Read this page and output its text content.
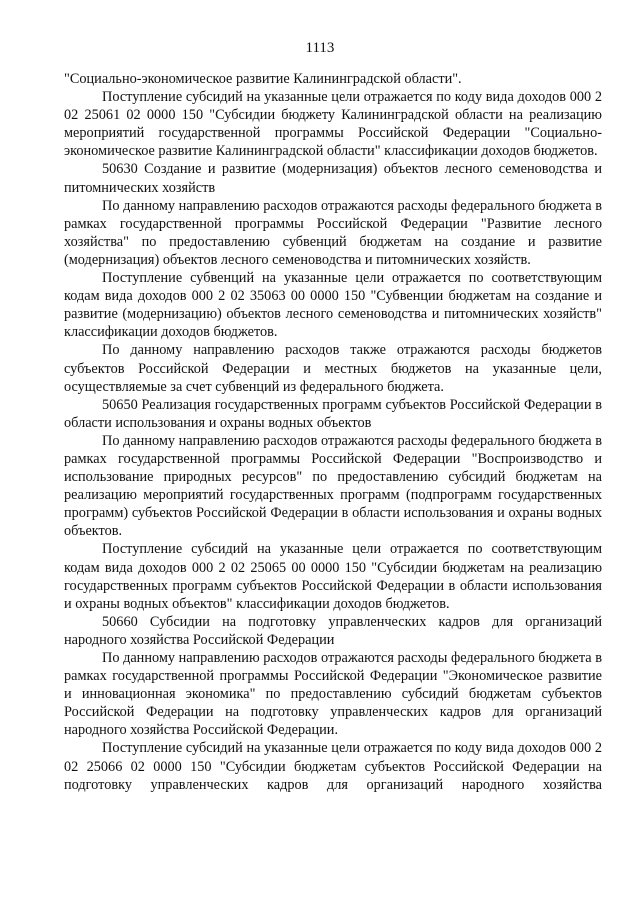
1113

"Социально-экономическое развитие Калининградской области".

Поступление субсидий на указанные цели отражается по коду вида доходов 000 2 02 25061 02 0000 150 "Субсидии бюджету Калининградской области на реализацию мероприятий государственной программы Российской Федерации "Социально-экономическое развитие Калининградской области" классификации доходов бюджетов.

50630 Создание и развитие (модернизация) объектов лесного семеноводства и питомнических хозяйств

По данному направлению расходов отражаются расходы федерального бюджета в рамках государственной программы Российской Федерации "Развитие лесного хозяйства" по предоставлению субвенций бюджетам на создание и развитие (модернизация) объектов лесного семеноводства и питомнических хозяйств.

Поступление субвенций на указанные цели отражается по соответствующим кодам вида доходов 000 2 02 35063 00 0000 150 "Субвенции бюджетам на создание и развитие (модернизацию) объектов лесного семеноводства и питомнических хозяйств" классификации доходов бюджетов.

По данному направлению расходов также отражаются расходы бюджетов субъектов Российской Федерации и местных бюджетов на указанные цели, осуществляемые за счет субвенций из федерального бюджета.

50650 Реализация государственных программ субъектов Российской Федерации в области использования и охраны водных объектов

По данному направлению расходов отражаются расходы федерального бюджета в рамках государственной программы Российской Федерации "Воспроизводство и использование природных ресурсов" по предоставлению субсидий бюджетам на реализацию мероприятий государственных программ (подпрограмм государственных программ) субъектов Российской Федерации в области использования и охраны водных объектов.

Поступление субсидий на указанные цели отражается по соответствующим кодам вида доходов 000 2 02 25065 00 0000 150 "Субсидии бюджетам на реализацию государственных программ субъектов Российской Федерации в области использования и охраны водных объектов" классификации доходов бюджетов.

50660 Субсидии на подготовку управленческих кадров для организаций народного хозяйства Российской Федерации

По данному направлению расходов отражаются расходы федерального бюджета в рамках государственной программы Российской Федерации "Экономическое развитие и инновационная экономика" по предоставлению субсидий бюджетам субъектов Российской Федерации на подготовку управленческих кадров для организаций народного хозяйства Российской Федерации.

Поступление субсидий на указанные цели отражается по коду вида доходов 000 2 02 25066 02 0000 150 "Субсидии бюджетам субъектов Российской Федерации на подготовку управленческих кадров для организаций народного хозяйства
